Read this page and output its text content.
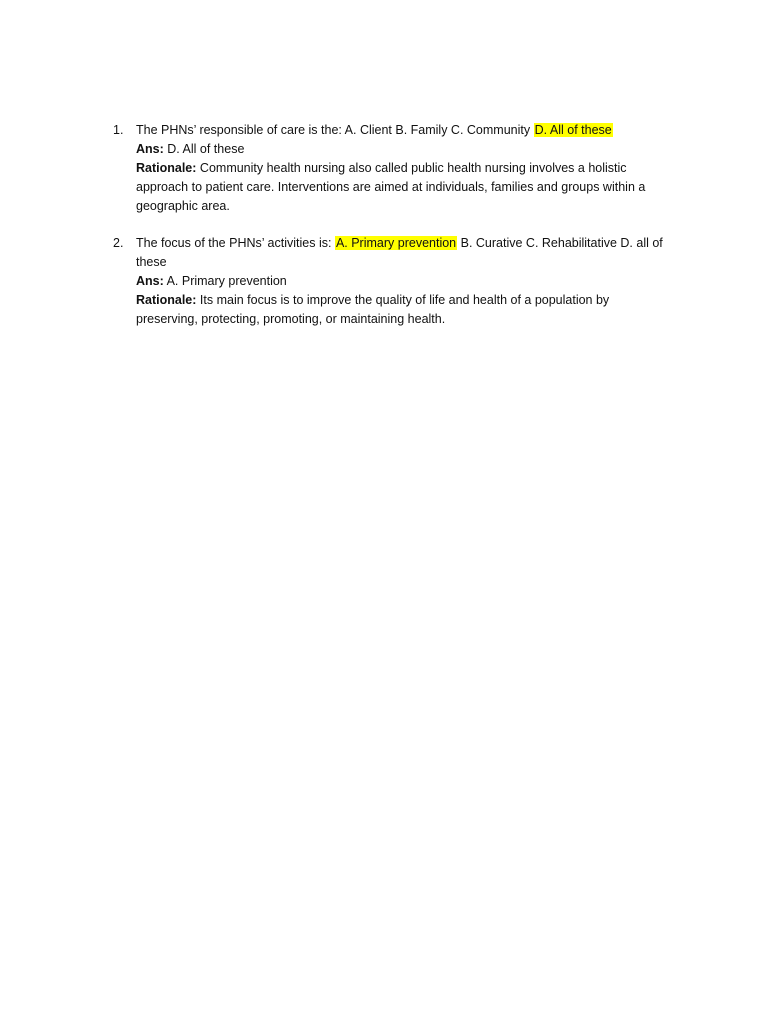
1. The PHNs’ responsible of care is the: A. Client B. Family C. Community D. All of these
Ans: D. All of these
Rationale: Community health nursing also called public health nursing involves a holistic approach to patient care. Interventions are aimed at individuals, families and groups within a geographic area.
2. The focus of the PHNs’ activities is: A. Primary prevention B. Curative C. Rehabilitative D. all of these
Ans: A. Primary prevention
Rationale: Its main focus is to improve the quality of life and health of a population by preserving, protecting, promoting, or maintaining health.
